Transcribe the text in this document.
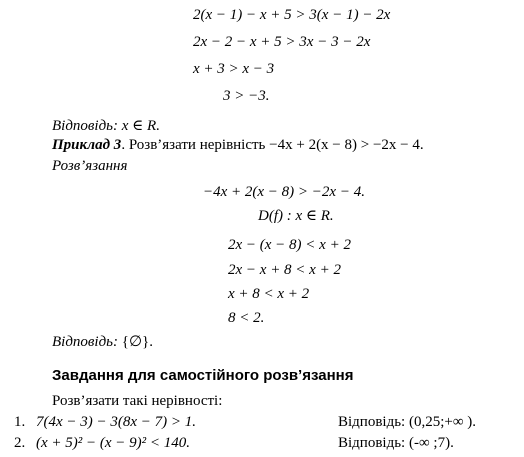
2(x − 1) − x + 5 > 3(x − 1) − 2x
2x − 2 − x + 5 > 3x − 3 − 2x
x + 3 > x − 3
3 > −3.
Відповідь: x ∈ R.
Приклад 3. Розв’язати нерівність −4x + 2(x − 8) > −2x − 4.
Розв’язання
−4x + 2(x − 8) > −2x − 4.
D(f) : x ∈ R.
2x − (x − 8) < x + 2
2x − x + 8 < x + 2
x + 8 < x + 2
8 < 2.
Відповідь: {∅}.
Завдання для самостійного розв’язання
Розв’язати такі нерівності:
1. 7(4x − 3) − 3(8x − 7) > 1.	Відповідь: (0,25;+∞ ).
2. (x + 5)² − (x − 9)² < 140.	Відповідь: (-∞ ;7).
